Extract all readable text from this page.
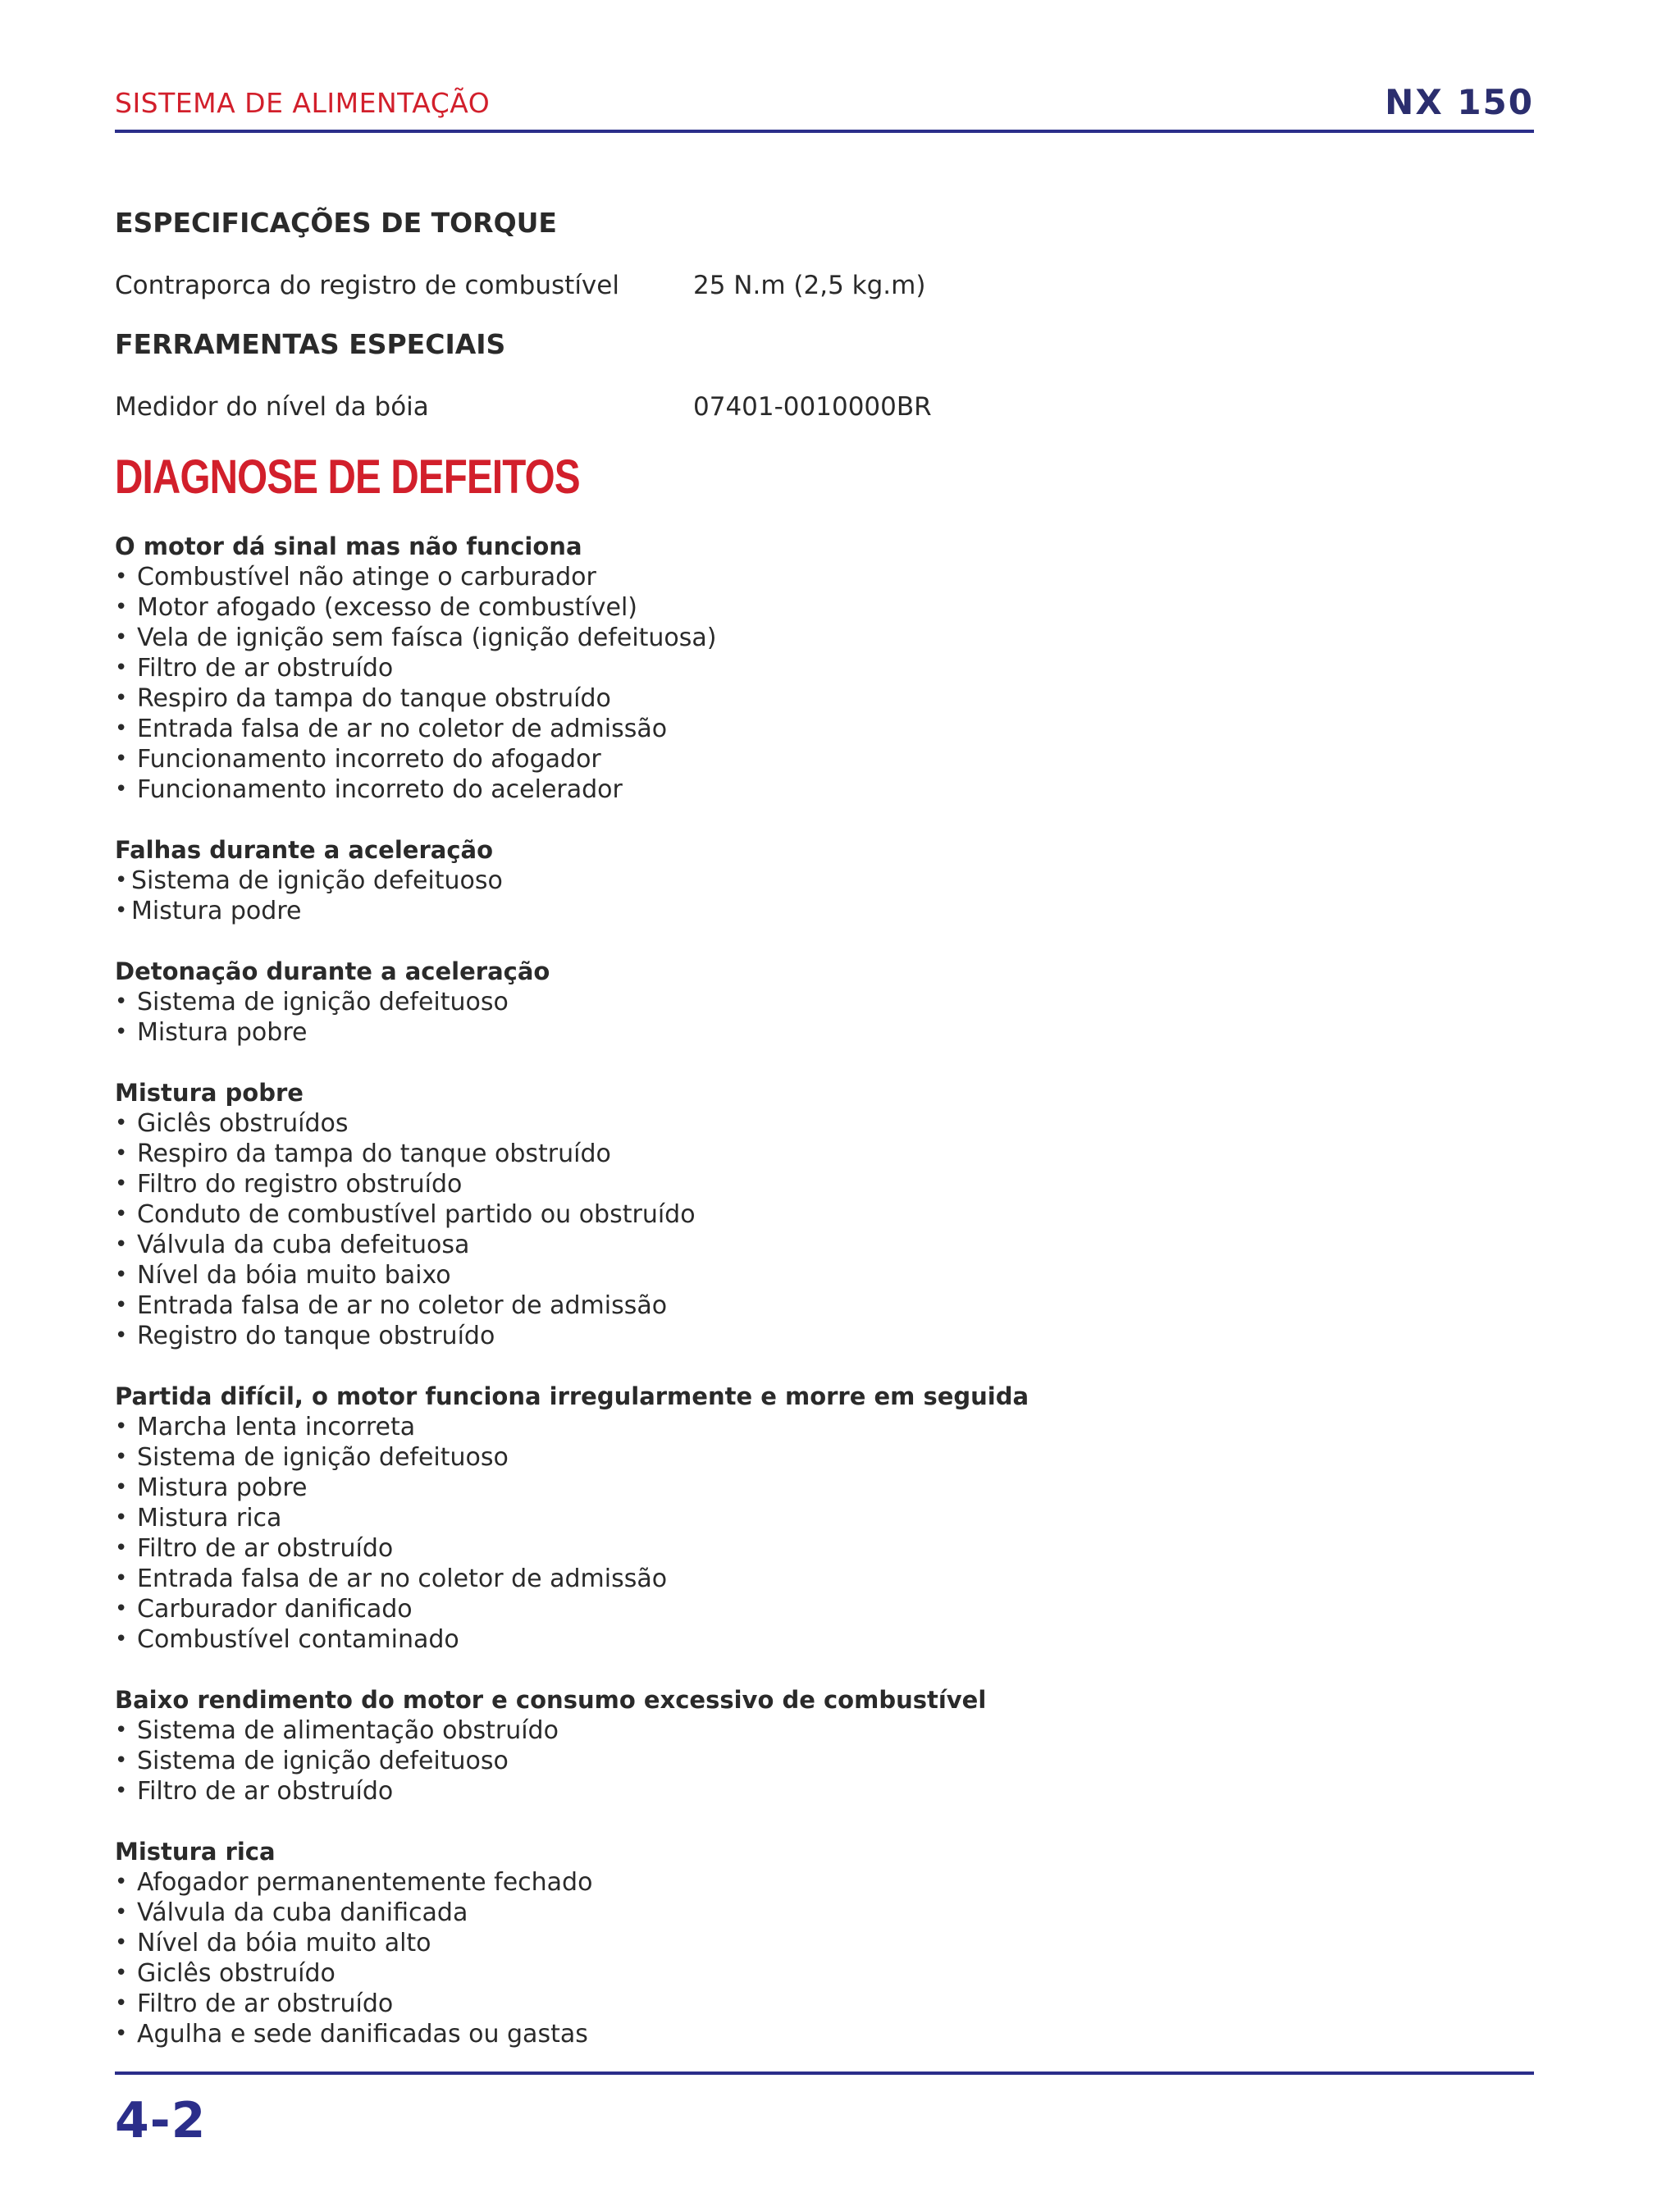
SISTEMA DE ALIMENTAÇÃO	NX 150
ESPECIFICAÇÕES DE TORQUE
Contraporca do registro de combustível	25 N.m (2,5 kg.m)
FERRAMENTAS ESPECIAIS
Medidor do nível da bóia	07401-0010000BR
DIAGNOSE DE DEFEITOS
O motor dá sinal mas não funciona
• Combustível não atinge o carburador
• Motor afogado (excesso de combustível)
• Vela de ignição sem faísca (ignição defeituosa)
• Filtro de ar obstruído
• Respiro da tampa do tanque obstruído
• Entrada falsa de ar no coletor de admissão
• Funcionamento incorreto do afogador
• Funcionamento incorreto do acelerador
Falhas durante a aceleração
• Sistema de ignição defeituoso
• Mistura podre
Detonação durante a aceleração
• Sistema de ignição defeituoso
• Mistura pobre
Mistura pobre
• Giclês obstruídos
• Respiro da tampa do tanque obstruído
• Filtro do registro obstruído
• Conduto de combustível partido ou obstruído
• Válvula da cuba defeituosa
• Nível da bóia muito baixo
• Entrada falsa de ar no coletor de admissão
• Registro do tanque obstruído
Partida difícil, o motor funciona irregularmente e morre em seguida
• Marcha lenta incorreta
• Sistema de ignição defeituoso
• Mistura pobre
• Mistura rica
• Filtro de ar obstruído
• Entrada falsa de ar no coletor de admissão
• Carburador danificado
• Combustível contaminado
Baixo rendimento do motor e consumo excessivo de combustível
• Sistema de alimentação obstruído
• Sistema de ignição defeituoso
• Filtro de ar obstruído
Mistura rica
• Afogador permanentemente fechado
• Válvula da cuba danificada
• Nível da bóia muito alto
• Giclês obstruído
• Filtro de ar obstruído
• Agulha e sede danificadas ou gastas
4-2
